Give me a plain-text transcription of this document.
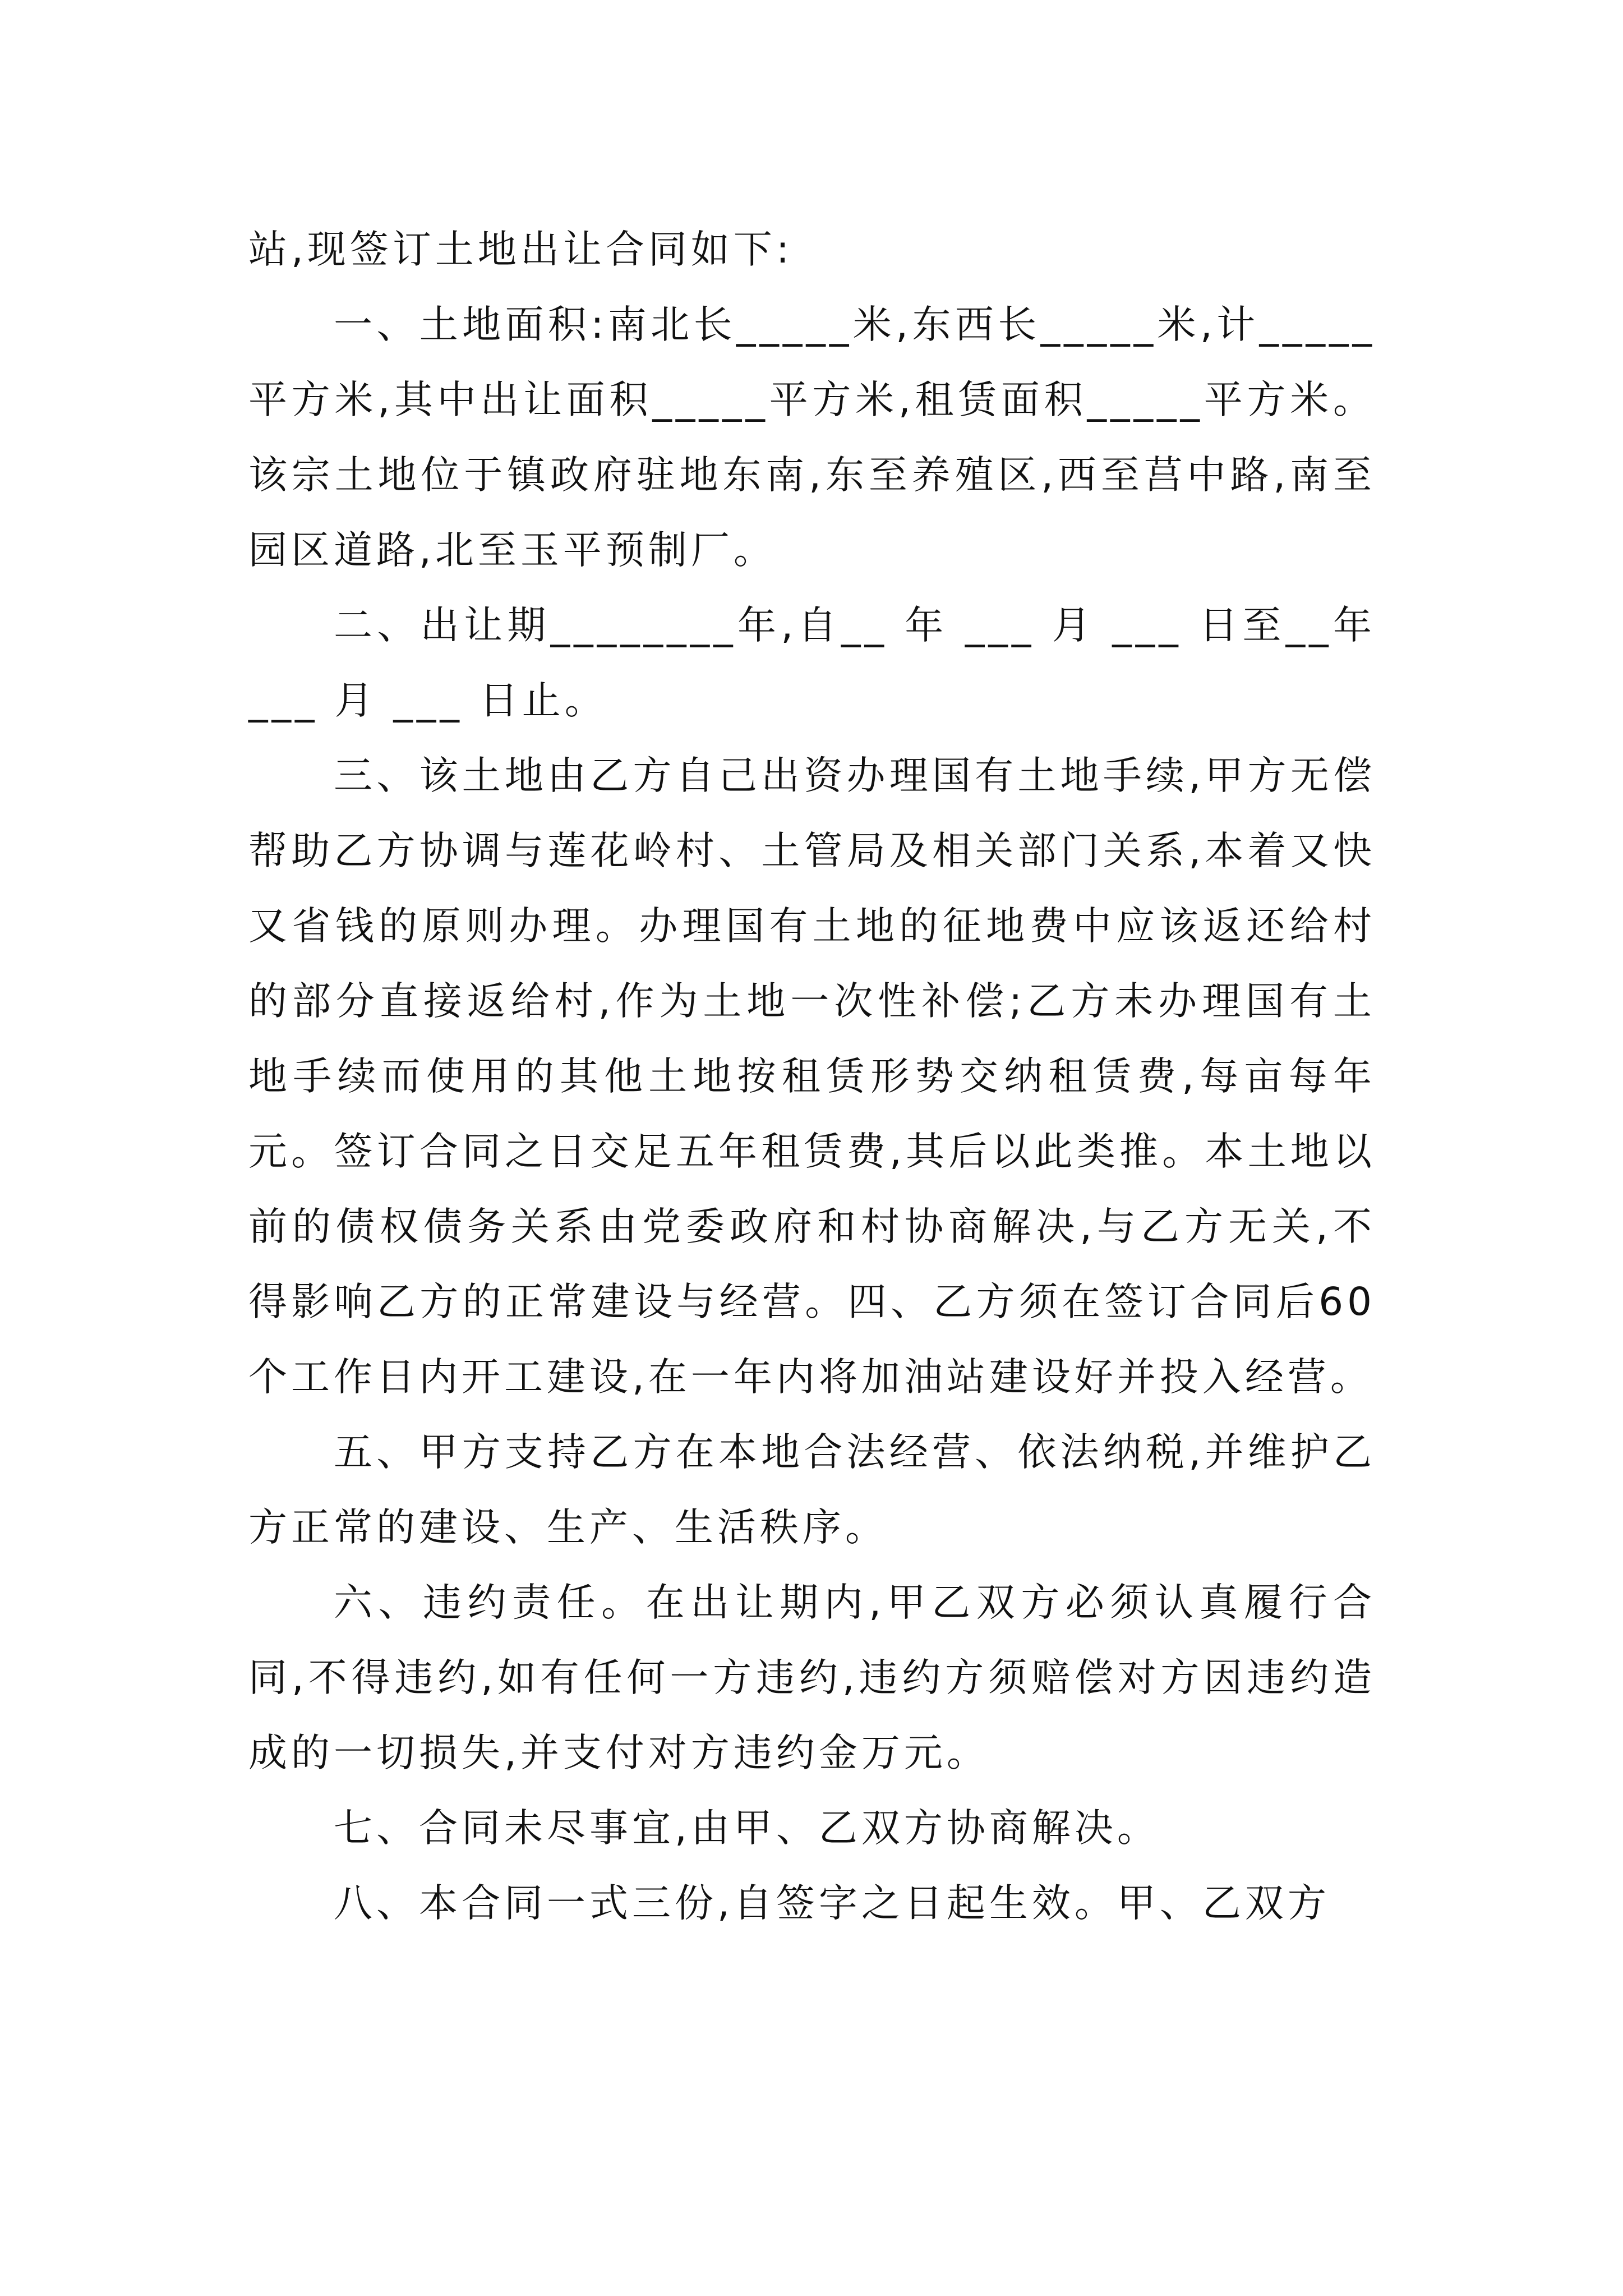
站,现签订土地出让合同如下:

一、土地面积:南北长_____米,东西长_____米,计_____平方米,其中出让面积_____平方米,租赁面积_____平方米。该宗土地位于镇政府驻地东南,东至养殖区,西至莒中路,南至园区道路,北至玉平预制厂。

二、出让期________年,自__ 年 ___ 月 ___ 日至__年 ___ 月 ___ 日止。

三、该土地由乙方自己出资办理国有土地手续,甲方无偿帮助乙方协调与莲花岭村、土管局及相关部门关系,本着又快又省钱的原则办理。办理国有土地的征地费中应该返还给村的部分直接返给村,作为土地一次性补偿;乙方未办理国有土地手续而使用的其他土地按租赁形势交纳租赁费,每亩每年元。签订合同之日交足五年租赁费,其后以此类推。本土地以前的债权债务关系由党委政府和村协商解决,与乙方无关,不得影响乙方的正常建设与经营。四、乙方须在签订合同后60个工作日内开工建设,在一年内将加油站建设好并投入经营。

五、甲方支持乙方在本地合法经营、依法纳税,并维护乙方正常的建设、生产、生活秩序。

六、违约责任。在出让期内,甲乙双方必须认真履行合同,不得违约,如有任何一方违约,违约方须赔偿对方因违约造成的一切损失,并支付对方违约金万元。

七、合同未尽事宜,由甲、乙双方协商解决。

八、本合同一式三份,自签字之日起生效。甲、乙双方
